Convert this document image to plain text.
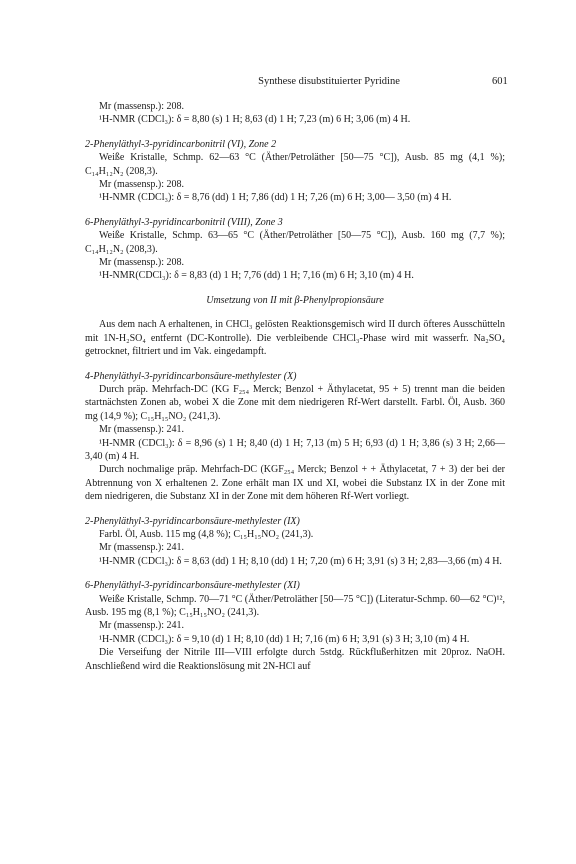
Synthese disubstituierter Pyridine	601

Mr (massensp.): 208.

¹H-NMR (CDCl₃): δ = 8,80 (s) 1 H; 8,63 (d) 1 H; 7,23 (m) 6 H; 3,06 (m) 4 H.

2-Phenyläthyl-3-pyridincarbonitril (VI), Zone 2

Weiße Kristalle, Schmp. 62—63 °C (Äther/Petroläther [50—75 °C]), Ausb. 85 mg (4,1 %); C₁₄H₁₂N₂ (208,3).

Mr (massensp.): 208.

¹H-NMR (CDCl₃): δ = 8,76 (dd) 1 H; 7,86 (dd) 1 H; 7,26 (m) 6 H; 3,00— 3,50 (m) 4 H.

6-Phenyläthyl-3-pyridincarbonitril (VIII), Zone 3

Weiße Kristalle, Schmp. 63—65 °C (Äther/Petroläther [50—75 °C]), Ausb. 160 mg (7,7 %); C₁₄H₁₂N₂ (208,3).

Mr (massensp.): 208.

¹H-NMR(CDCl₃): δ = 8,83 (d) 1 H; 7,76 (dd) 1 H; 7,16 (m) 6 H; 3,10 (m) 4 H.

Umsetzung von II mit β-Phenylpropionsäure

Aus dem nach A erhaltenen, in CHCl₃ gelösten Reaktionsgemisch wird II durch öfteres Ausschütteln mit 1N-H₂SO₄ entfernt (DC-Kontrolle). Die verbleibende CHCl₃-Phase wird mit wasserfr. Na₂SO₄ getrocknet, filtriert und im Vak. eingedampft.

4-Phenyläthyl-3-pyridincarbonsäure-methylester (X)

Durch präp. Mehrfach-DC (KG F₂₅₄ Merck; Benzol + Äthylacetat, 95 + 5) trennt man die beiden startnächsten Zonen ab, wobei X die Zone mit dem niedrigeren Rf-Wert darstellt. Farbl. Öl, Ausb. 360 mg (14,9 %); C₁₅H₁₅NO₂ (241,3).

Mr (massensp.): 241.

¹H-NMR (CDCl₃): δ = 8,96 (s) 1 H; 8,40 (d) 1 H; 7,13 (m) 5 H; 6,93 (d) 1 H; 3,86 (s) 3 H; 2,66—3,40 (m) 4 H.

Durch nochmalige präp. Mehrfach-DC (KGF₂₅₄ Merck; Benzol + + Äthylacetat, 7 + 3) der bei der Abtrennung von X erhaltenen 2. Zone erhält man IX und XI, wobei die Substanz IX in der Zone mit dem niedrigeren, die Substanz XI in der Zone mit dem höheren Rf-Wert vorliegt.

2-Phenyläthyl-3-pyridincarbonsäure-methylester (IX)

Farbl. Öl, Ausb. 115 mg (4,8 %); C₁₅H₁₅NO₂ (241,3).

Mr (massensp.): 241.

¹H-NMR (CDCl₃): δ = 8,63 (dd) 1 H; 8,10 (dd) 1 H; 7,20 (m) 6 H; 3,91 (s) 3 H; 2,83—3,66 (m) 4 H.

6-Phenyläthyl-3-pyridincarbonsäure-methylester (XI)

Weiße Kristalle, Schmp. 70—71 °C (Äther/Petroläther [50—75 °C]) (Literatur-Schmp. 60—62 °C)¹², Ausb. 195 mg (8,1 %); C₁₅H₁₅NO₂ (241,3).

Mr (massensp.): 241.

¹H-NMR (CDCl₃): δ = 9,10 (d) 1 H; 8,10 (dd) 1 H; 7,16 (m) 6 H; 3,91 (s) 3 H; 3,10 (m) 4 H.

Die Verseifung der Nitrile III—VIII erfolgte durch 5stdg. Rückflußerhitzen mit 20proz. NaOH. Anschließend wird die Reaktionslösung mit 2N-HCl auf
